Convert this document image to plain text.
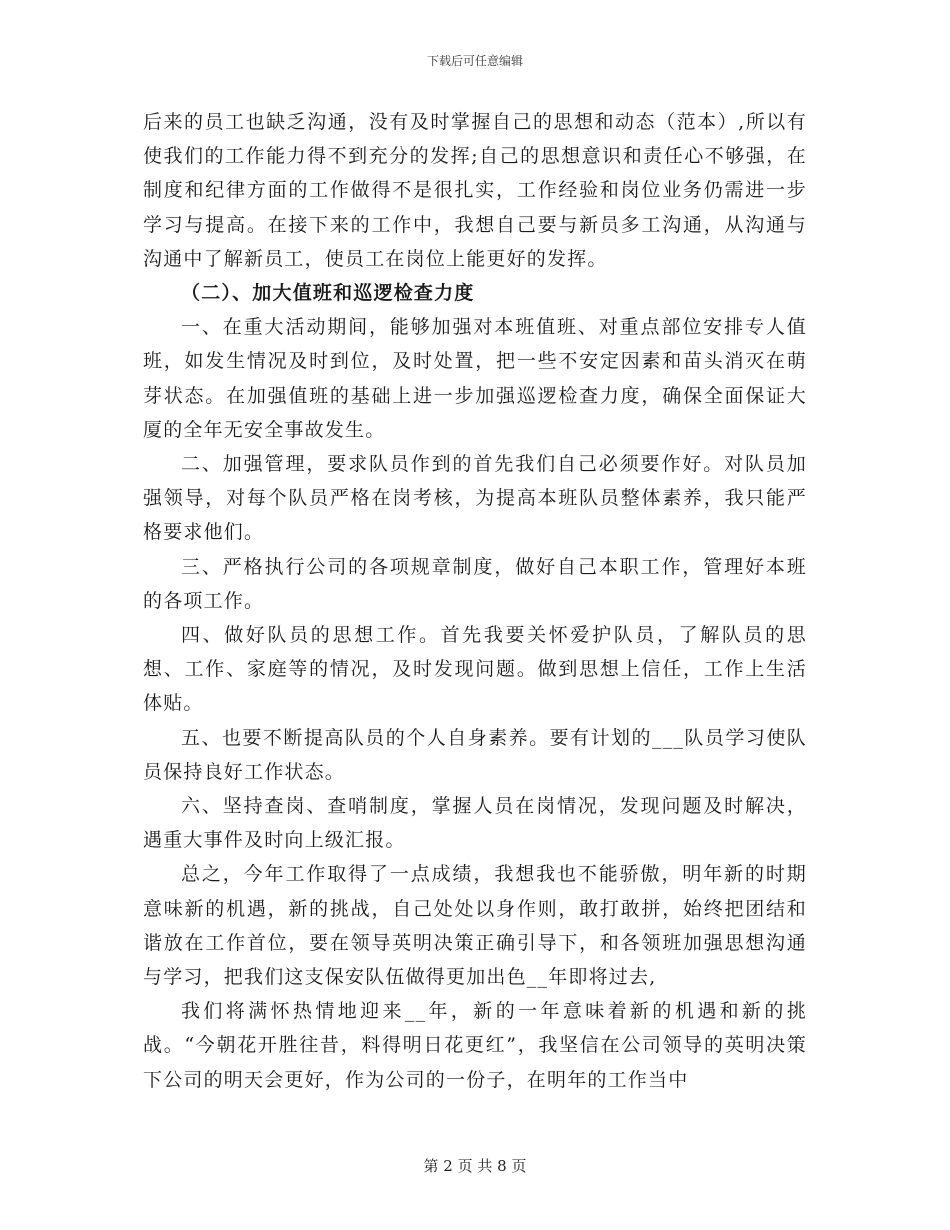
下载后可任意编辑

后来的员工也缺乏沟通，没有及时掌握自己的思想和动态（范本）,所以有使我们的工作能力得不到充分的发挥;自己的思想意识和责任心不够强，在制度和纪律方面的工作做得不是很扎实，工作经验和岗位业务仍需进一步学习与提高。在接下来的工作中，我想自己要与新员多工沟通，从沟通与沟通中了解新员工，使员工在岗位上能更好的发挥。

（二）、加大值班和巡逻检查力度

一、在重大活动期间，能够加强对本班值班、对重点部位安排专人值班，如发生情况及时到位，及时处置，把一些不安定因素和苗头消灭在萌芽状态。在加强值班的基础上进一步加强巡逻检查力度，确保全面保证大厦的全年无安全事故发生。

二、加强管理，要求队员作到的首先我们自己必须要作好。对队员加强领导，对每个队员严格在岗考核，为提高本班队员整体素养，我只能严格要求他们。

三、严格执行公司的各项规章制度，做好自己本职工作，管理好本班的各项工作。

四、做好队员的思想工作。首先我要关怀爱护队员，了解队员的思想、工作、家庭等的情况，及时发现问题。做到思想上信任，工作上生活体贴。

五、也要不断提高队员的个人自身素养。要有计划的___队员学习使队员保持良好工作状态。

六、坚持查岗、查哨制度，掌握人员在岗情况，发现问题及时解决，遇重大事件及时向上级汇报。

总之，今年工作取得了一点成绩，我想我也不能骄傲，明年新的时期意味新的机遇，新的挑战，自己处处以身作则，敢打敢拼，始终把团结和谐放在工作首位，要在领导英明决策正确引导下，和各领班加强思想沟通与学习，把我们这支保安队伍做得更加出色__年即将过去,

我们将满怀热情地迎来__年，新的一年意味着新的机遇和新的挑战。“今朝花开胜往昔，料得明日花更红”，我坚信在公司领导的英明决策下公司的明天会更好，作为公司的一份子，在明年的工作当中

第 2 页 共 8 页
